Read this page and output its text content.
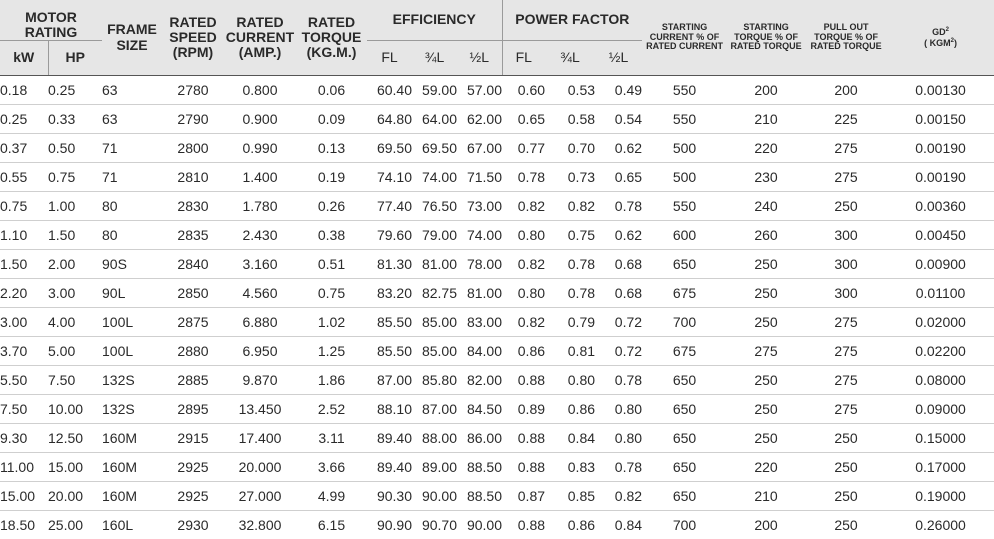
MOTOR RATING		FRAME SIZE	RATED SPEED (RPM)	RATED CURRENT (AMP.)	RATED TORQUE (KG.M.)	EFFICIENCY			POWER FACTOR			STARTING CURRENT % OF RATED CURRENT	STARTING TORQUE % OF RATED TORQUE	PULL OUT TORQUE % OF RATED TORQUE	$GD^2$
( KGM$^2$)
kW	HP					FL	¾L	½L	FL	¾L	½L				
0.18	0.25	63	2780	0.800	0.06	60.40	59.00	57.00	0.60	0.53	0.49	550	200	200	0.00130
0.25	0.33	63	2790	0.900	0.09	64.80	64.00	62.00	0.65	0.58	0.54	550	210	225	0.00150
0.37	0.50	71	2800	0.990	0.13	69.50	69.50	67.00	0.77	0.70	0.62	500	220	275	0.00190
0.55	0.75	71	2810	1.400	0.19	74.10	74.00	71.50	0.78	0.73	0.65	500	230	275	0.00190
0.75	1.00	80	2830	1.780	0.26	77.40	76.50	73.00	0.82	0.82	0.78	550	240	250	0.00360
1.10	1.50	80	2835	2.430	0.38	79.60	79.00	74.00	0.80	0.75	0.62	600	260	300	0.00450
1.50	2.00	90S	2840	3.160	0.51	81.30	81.00	78.00	0.82	0.78	0.68	650	250	300	0.00900
2.20	3.00	90L	2850	4.560	0.75	83.20	82.75	81.00	0.80	0.78	0.68	675	250	300	0.01100
3.00	4.00	100L	2875	6.880	1.02	85.50	85.00	83.00	0.82	0.79	0.72	700	250	275	0.02000
3.70	5.00	100L	2880	6.950	1.25	85.50	85.00	84.00	0.86	0.81	0.72	675	275	275	0.02200
5.50	7.50	132S	2885	9.870	1.86	87.00	85.80	82.00	0.88	0.80	0.78	650	250	275	0.08000
7.50	10.00	132S	2895	13.450	2.52	88.10	87.00	84.50	0.89	0.86	0.80	650	250	275	0.09000
9.30	12.50	160M	2915	17.400	3.11	89.40	88.00	86.00	0.88	0.84	0.80	650	250	250	0.15000
11.00	15.00	160M	2925	20.000	3.66	89.40	89.00	88.50	0.88	0.83	0.78	650	220	250	0.17000
15.00	20.00	160M	2925	27.000	4.99	90.30	90.00	88.50	0.87	0.85	0.82	650	210	250	0.19000
18.50	25.00	160L	2930	32.800	6.15	90.90	90.70	90.00	0.88	0.86	0.84	700	200	250	0.26000
